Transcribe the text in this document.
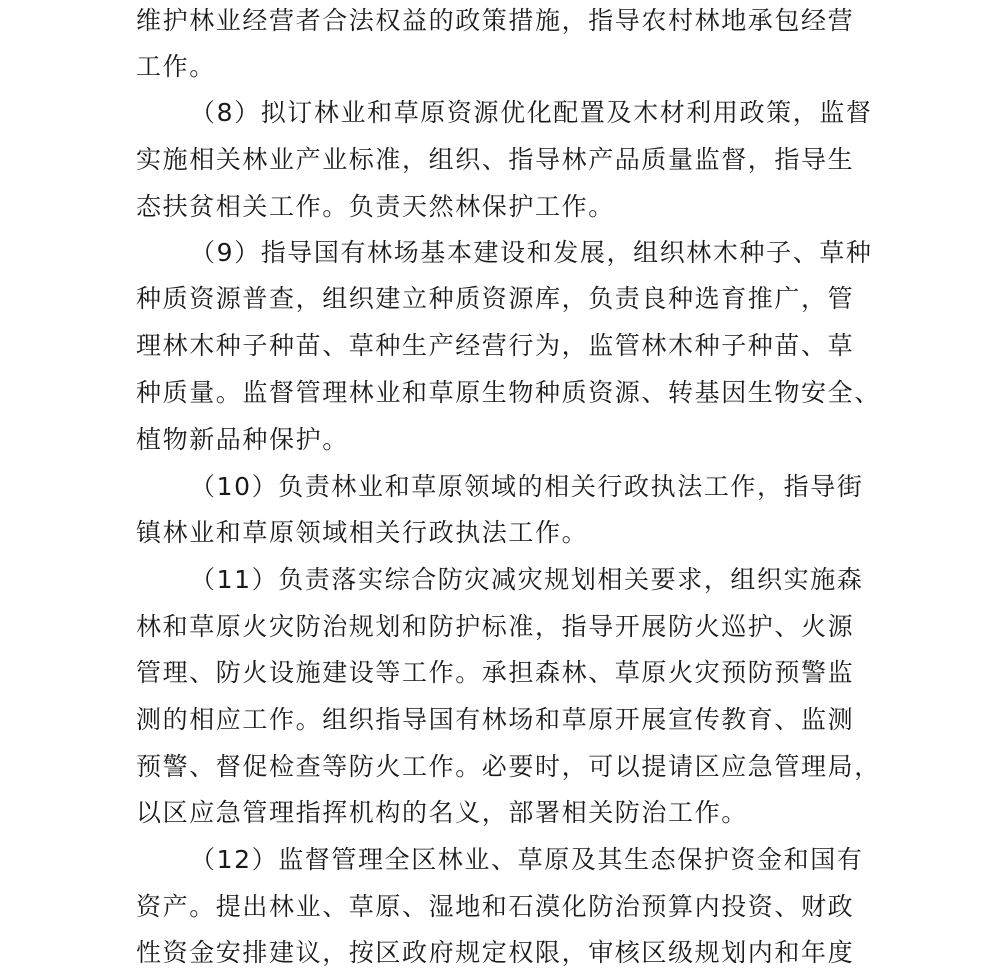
维护林业经营者合法权益的政策措施，指导农村林地承包经营
工作。
（8）拟订林业和草原资源优化配置及木材利用政策，监督
实施相关林业产业标准，组织、指导林产品质量监督，指导生
态扶贫相关工作。负责天然林保护工作。
（9）指导国有林场基本建设和发展，组织林木种子、草种
种质资源普查，组织建立种质资源库，负责良种选育推广，管
理林木种子种苗、草种生产经营行为，监管林木种子种苗、草
种质量。监督管理林业和草原生物种质资源、转基因生物安全、
植物新品种保护。
（10）负责林业和草原领域的相关行政执法工作，指导街
镇林业和草原领域相关行政执法工作。
（11）负责落实综合防灾减灾规划相关要求，组织实施森
林和草原火灾防治规划和防护标准，指导开展防火巡护、火源
管理、防火设施建设等工作。承担森林、草原火灾预防预警监
测的相应工作。组织指导国有林场和草原开展宣传教育、监测
预警、督促检查等防火工作。必要时，可以提请区应急管理局，
以区应急管理指挥机构的名义，部署相关防治工作。
（12）监督管理全区林业、草原及其生态保护资金和国有
资产。提出林业、草原、湿地和石漠化防治预算内投资、财政
性资金安排建议，按区政府规定权限，审核区级规划内和年度
